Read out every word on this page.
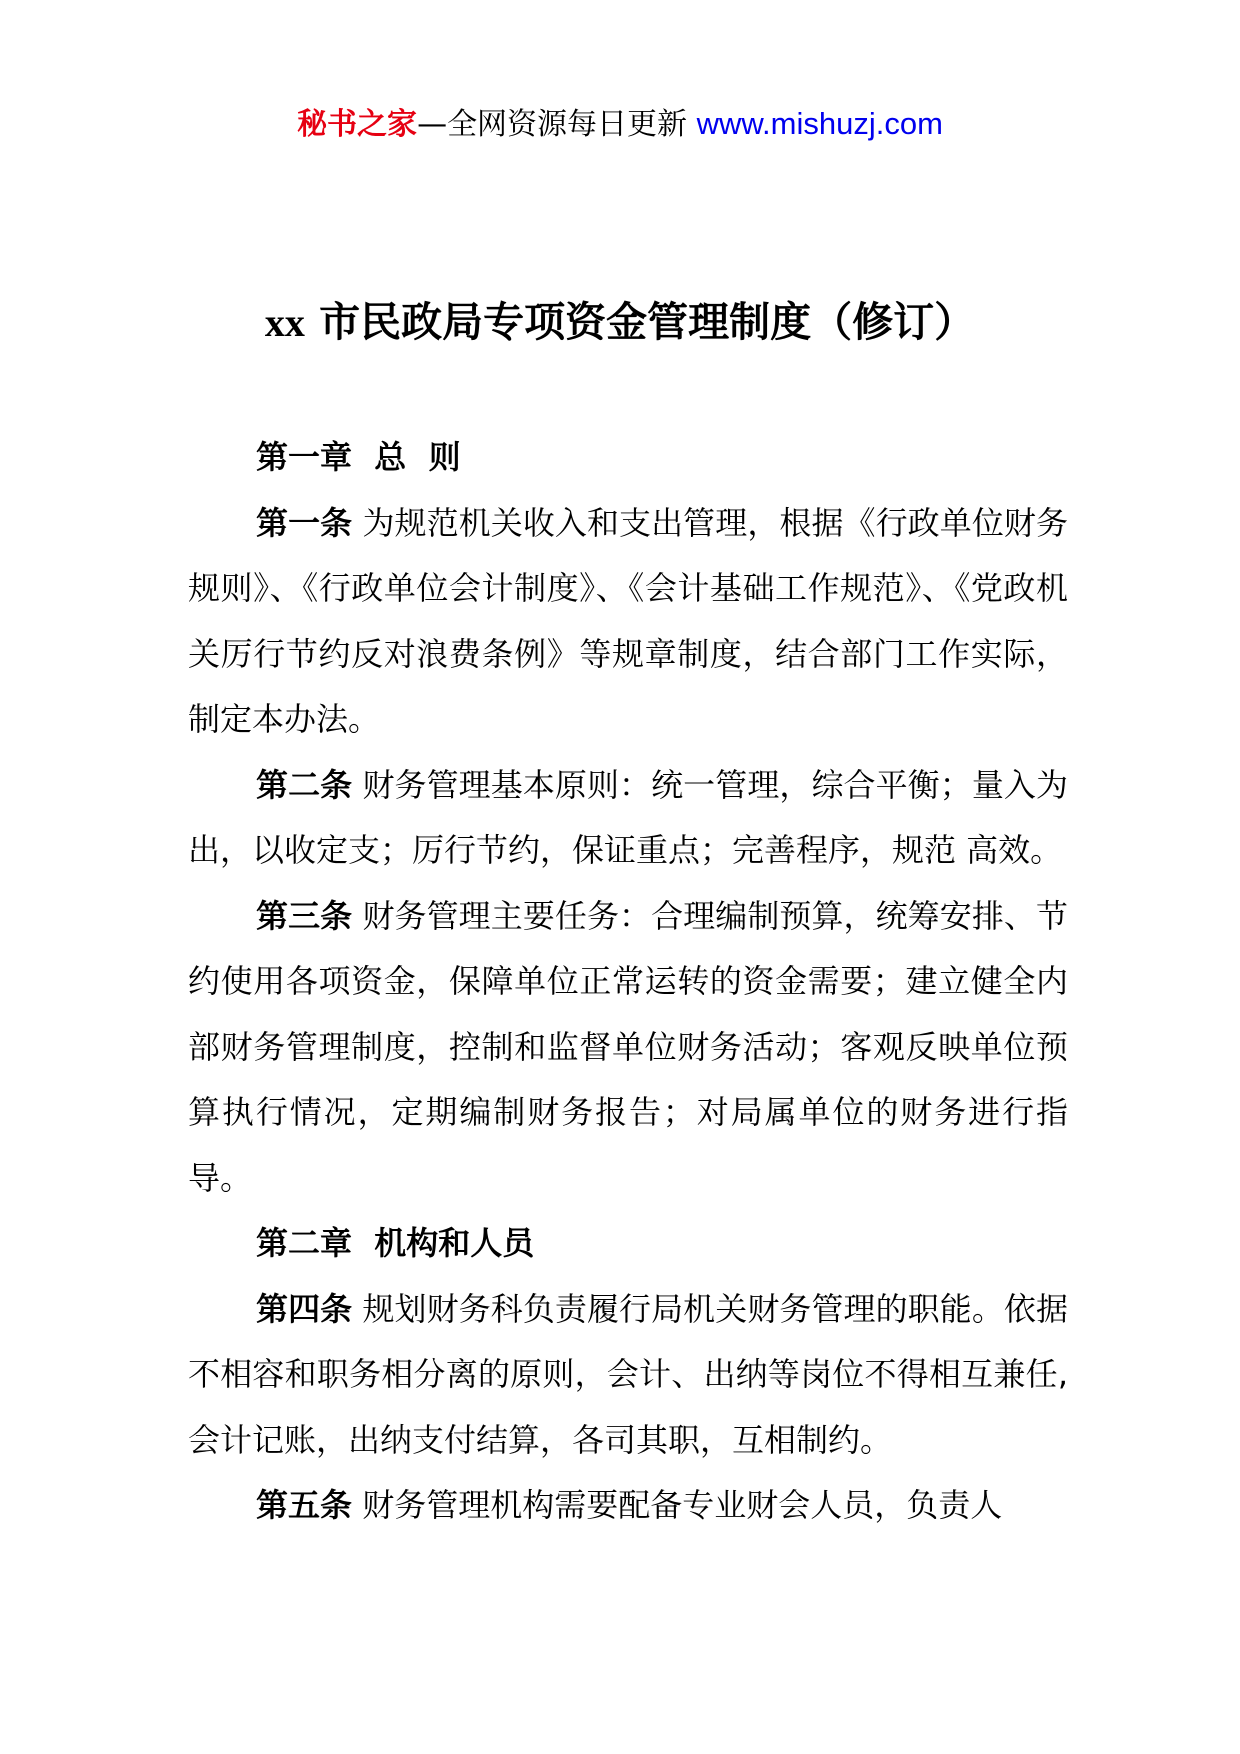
秘书之家—全网资源每日更新 www.mishuzj.com
xx 市民政局专项资金管理制度（修订）

第一章  总  则

第一条 为规范机关收入和支出管理，根据《行政单位财务规则》、《行政单位会计制度》、《会计基础工作规范》、《党政机关厉行节约反对浪费条例》等规章制度，结合部门工作实际，制定本办法。

第二条 财务管理基本原则：统一管理，综合平衡；量入为出，以收定支；厉行节约，保证重点；完善程序，规范 高效。

第三条 财务管理主要任务：合理编制预算，统筹安排、节约使用各项资金，保障单位正常运转的资金需要；建立健全内部财务管理制度，控制和监督单位财务活动；客观反映单位预算执行情况，定期编制财务报告；对局属单位的财务进行指导。

第二章  机构和人员

第四条 规划财务科负责履行局机关财务管理的职能。依据不相容和职务相分离的原则，会计、出纳等岗位不得相互兼任,会计记账，出纳支付结算，各司其职，互相制约。

第五条 财务管理机构需要配备专业财会人员，负责人
